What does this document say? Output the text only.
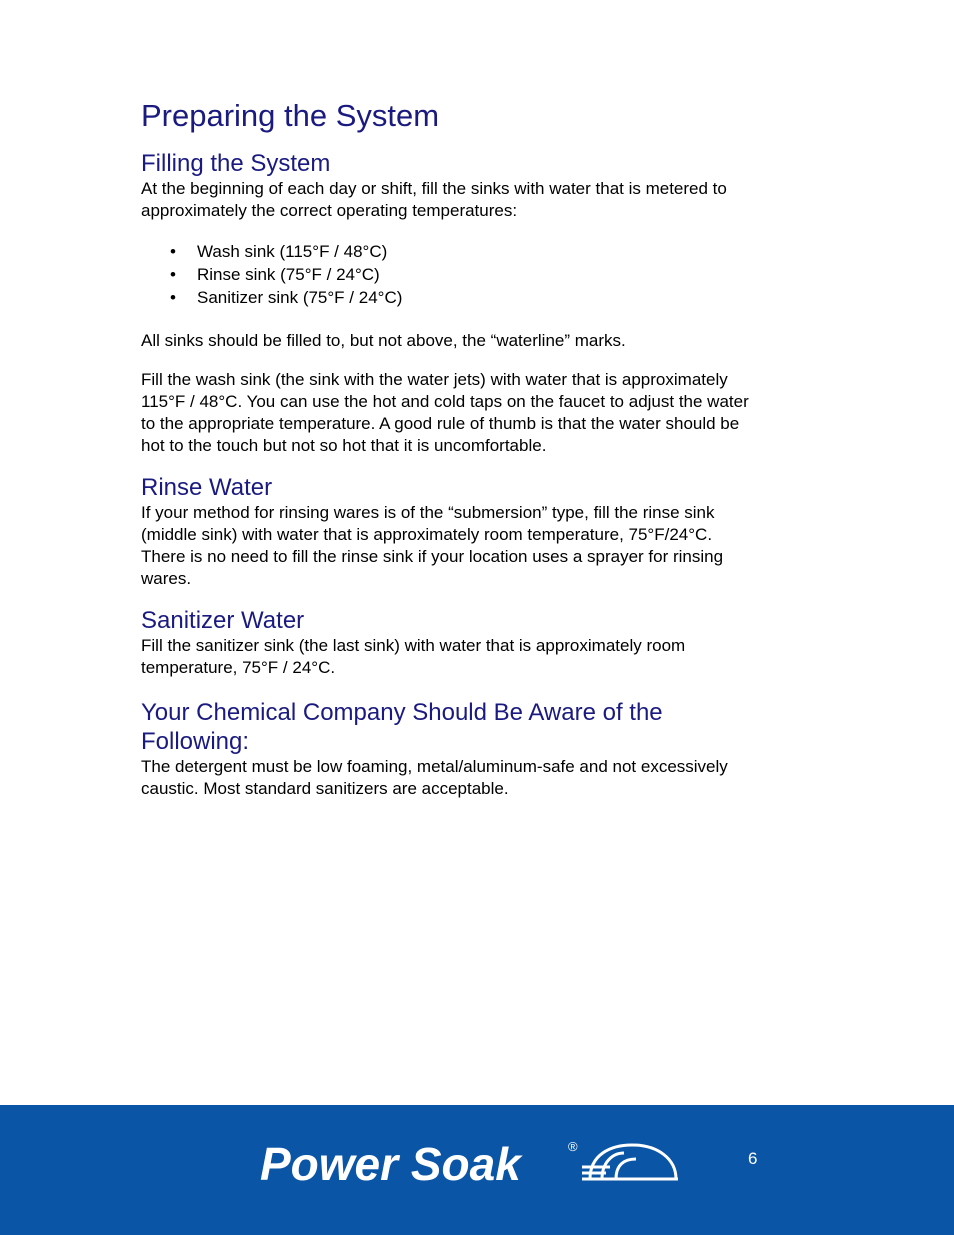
Preparing the System
Filling the System

At the beginning of each day or shift, fill the sinks with water that is metered to approximately the correct operating temperatures:

• Wash sink (115°F / 48°C)
• Rinse sink (75°F / 24°C)
• Sanitizer sink (75°F / 24°C)

All sinks should be filled to, but not above, the “waterline” marks.

Fill the wash sink (the sink with the water jets) with water that is approximately 115°F / 48°C. You can use the hot and cold taps on the faucet to adjust the water to the appropriate temperature. A good rule of thumb is that the water should be hot to the touch but not so hot that it is uncomfortable.

Rinse Water

If your method for rinsing wares is of the “submersion” type, fill the rinse sink (middle sink) with water that is approximately room temperature, 75°F/24°C. There is no need to fill the rinse sink if your location uses a sprayer for rinsing wares.

Sanitizer Water

Fill the sanitizer sink (the last sink) with water that is approximately room temperature, 75°F / 24°C.

Your Chemical Company Should Be Aware of the Following:

The detergent must be low foaming, metal/aluminum-safe and not excessively caustic. Most standard sanitizers are acceptable.

Power Soak	®
6
